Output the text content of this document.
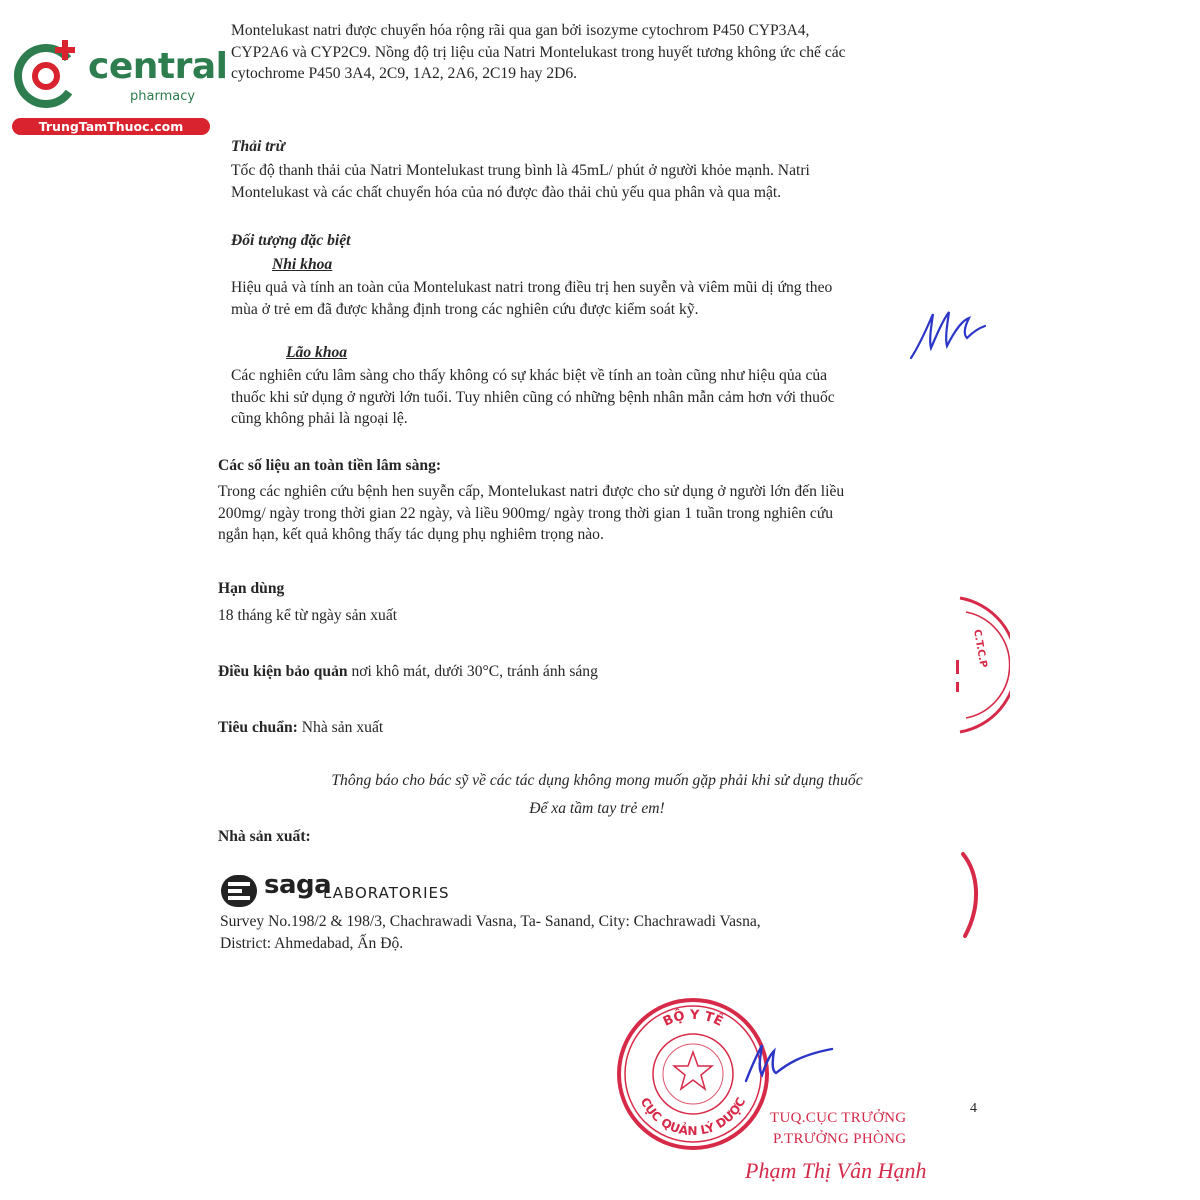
central
pharmacy
TrungTamThuoc.com
Montelukast natri được chuyển hóa rộng rãi qua gan bởi isozyme cytochrom P450 CYP3A4,
CYP2A6 và CYP2C9. Nồng độ trị liệu của Natri Montelukast trong huyết tương không ức chế các
cytochrome P450 3A4, 2C9, 1A2, 2A6, 2C19 hay 2D6.
Thải trừ
Tốc độ thanh thải của Natri Montelukast trung bình là 45mL/ phút ở người khỏe mạnh. Natri
Montelukast và các chất chuyển hóa của nó được đào thải chủ yếu qua phân và qua mật.
Đối tượng đặc biệt
Nhi khoa
Hiệu quả và tính an toàn của Montelukast natri trong điều trị hen suyễn và viêm mũi dị ứng theo
mùa ở trẻ em đã được khẳng định trong các nghiên cứu được kiểm soát kỹ.
Lão khoa
Các nghiên cứu lâm sàng cho thấy không có sự khác biệt về tính an toàn cũng như hiệu qủa của
thuốc khi sử dụng ở người lớn tuổi. Tuy nhiên cũng có những bệnh nhân mẫn cảm hơn với thuốc
cũng không phải là ngoại lệ.
Các số liệu an toàn tiền lâm sàng:
Trong các nghiên cứu bệnh hen suyễn cấp, Montelukast natri được cho sử dụng ở người lớn đến liều
200mg/ ngày trong thời gian 22 ngày, và liều 900mg/ ngày trong thời gian 1 tuần trong nghiên cứu
ngắn hạn, kết quả không thấy tác dụng phụ nghiêm trọng nào.
Hạn dùng
18 tháng kể từ ngày sản xuất
Điều kiện bảo quản nơi khô mát, dưới 30°C, tránh ánh sáng
Tiêu chuẩn: Nhà sản xuất
Thông báo cho bác sỹ về các tác dụng không mong muốn gặp phải khi sử dụng thuốc
Để xa tầm tay trẻ em!
Nhà sản xuất:
saga
LABORATORIES
Survey No.198/2 & 198/3, Chachrawadi Vasna, Ta- Sanand, City: Chachrawadi Vasna,
District: Ahmedabad, Ấn Độ.
C.T.C.P
BỘ Y TẾ
CỤC QUẢN LÝ DƯỢC	4
TUQ.CỤC TRƯỞNG
P.TRƯỞNG PHÒNG
Phạm Thị Vân Hạnh
